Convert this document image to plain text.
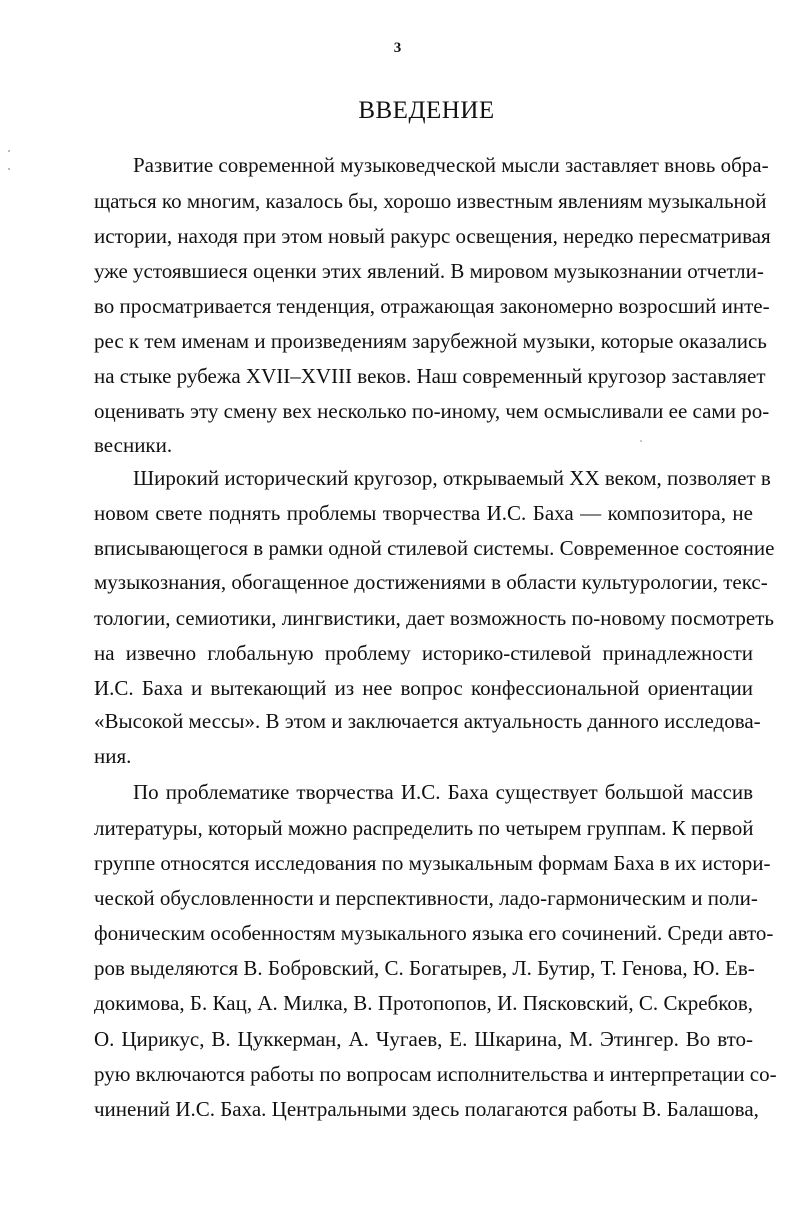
3
ВВЕДЕНИЕ
Развитие современной музыковедческой мысли заставляет вновь обра-
щаться ко многим, казалось бы, хорошо известным явлениям музыкальной
истории, находя при этом новый ракурс освещения, нередко пересматривая
уже устоявшиеся оценки этих явлений. В мировом музыкознании отчетли-
во просматривается тенденция, отражающая закономерно возросший инте-
рес к тем именам и произведениям зарубежной музыки, которые оказались
на стыке рубежа XVII–XVIII веков. Наш современный кругозор заставляет
оценивать эту смену вех несколько по-иному, чем осмысливали ее сами ро-
весники.
Широкий исторический кругозор, открываемый XX веком, позволяет в
новом свете поднять проблемы творчества И.С. Баха — композитора, не
вписывающегося в рамки одной стилевой системы. Современное состояние
музыкознания, обогащенное достижениями в области культурологии, текс-
тологии, семиотики, лингвистики, дает возможность по-новому посмотреть
на извечно глобальную проблему историко-стилевой принадлежности
И.С. Баха и вытекающий из нее вопрос конфессиональной ориентации
«Высокой мессы». В этом и заключается актуальность данного исследова-
ния.
По проблематике творчества И.С. Баха существует большой массив
литературы, который можно распределить по четырем группам. К первой
группе относятся исследования по музыкальным формам Баха в их истори-
ческой обусловленности и перспективности, ладо-гармоническим и поли-
фоническим особенностям музыкального языка его сочинений. Среди авто-
ров выделяются В. Бобровский, С. Богатырев, Л. Бутир, Т. Генова, Ю. Ев-
докимова, Б. Кац, А. Милка, В. Протопопов, И. Пясковский, С. Скребков,
О. Цирикус, В. Цуккерман, А. Чугаев, Е. Шкарина, М. Этингер. Во вто-
рую включаются работы по вопросам исполнительства и интерпретации со-
чинений И.С. Баха. Центральными здесь полагаются работы В. Балашова,
